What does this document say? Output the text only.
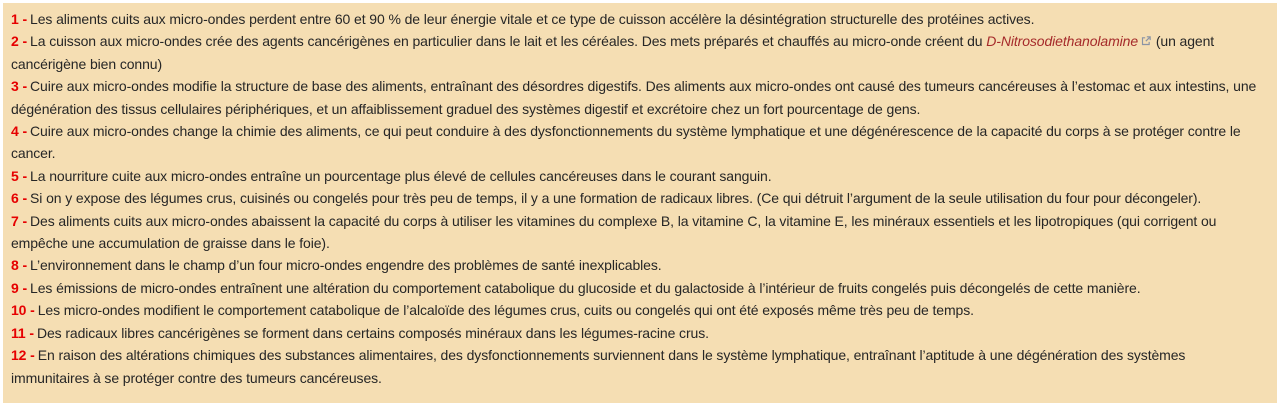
1 - Les aliments cuits aux micro-ondes perdent entre 60 et 90 % de leur énergie vitale et ce type de cuisson accélère la désintégration structurelle des protéines actives.

2 - La cuisson aux micro-ondes crée des agents cancérigènes en particulier dans le lait et les céréales. Des mets préparés et chauffés au micro-onde créent du D-Nitrosodiethanolamine (un agent cancérigène bien connu)

3 - Cuire aux micro-ondes modifie la structure de base des aliments, entraînant des désordres digestifs. Des aliments aux micro-ondes ont causé des tumeurs cancéreuses à l’estomac et aux intestins, une dégénération des tissus cellulaires périphériques, et un affaiblissement graduel des systèmes digestif et excrétoire chez un fort pourcentage de gens.

4 - Cuire aux micro-ondes change la chimie des aliments, ce qui peut conduire à des dysfonctionnements du système lymphatique et une dégénérescence de la capacité du corps à se protéger contre le cancer.

5 - La nourriture cuite aux micro-ondes entraîne un pourcentage plus élevé de cellules cancéreuses dans le courant sanguin.

6 - Si on y expose des légumes crus, cuisinés ou congelés pour très peu de temps, il y a une formation de radicaux libres. (Ce qui détruit l’argument de la seule utilisation du four pour décongeler).

7 - Des aliments cuits aux micro-ondes abaissent la capacité du corps à utiliser les vitamines du complexe B, la vitamine C, la vitamine E, les minéraux essentiels et les lipotropiques (qui corrigent ou empêche une accumulation de graisse dans le foie).

8 - L’environnement dans le champ d’un four micro-ondes engendre des problèmes de santé inexplicables.

9 - Les émissions de micro-ondes entraînent une altération du comportement catabolique du glucoside et du galactoside à l’intérieur de fruits congelés puis décongelés de cette manière.

10 - Les micro-ondes modifient le comportement catabolique de l’alcaloïde des légumes crus, cuits ou congelés qui ont été exposés même très peu de temps.

11 - Des radicaux libres cancérigènes se forment dans certains composés minéraux dans les légumes-racine crus.

12 - En raison des altérations chimiques des substances alimentaires, des dysfonctionnements surviennent dans le système lymphatique, entraînant l’aptitude à une dégénération des systèmes immunitaires à se protéger contre des tumeurs cancéreuses.
